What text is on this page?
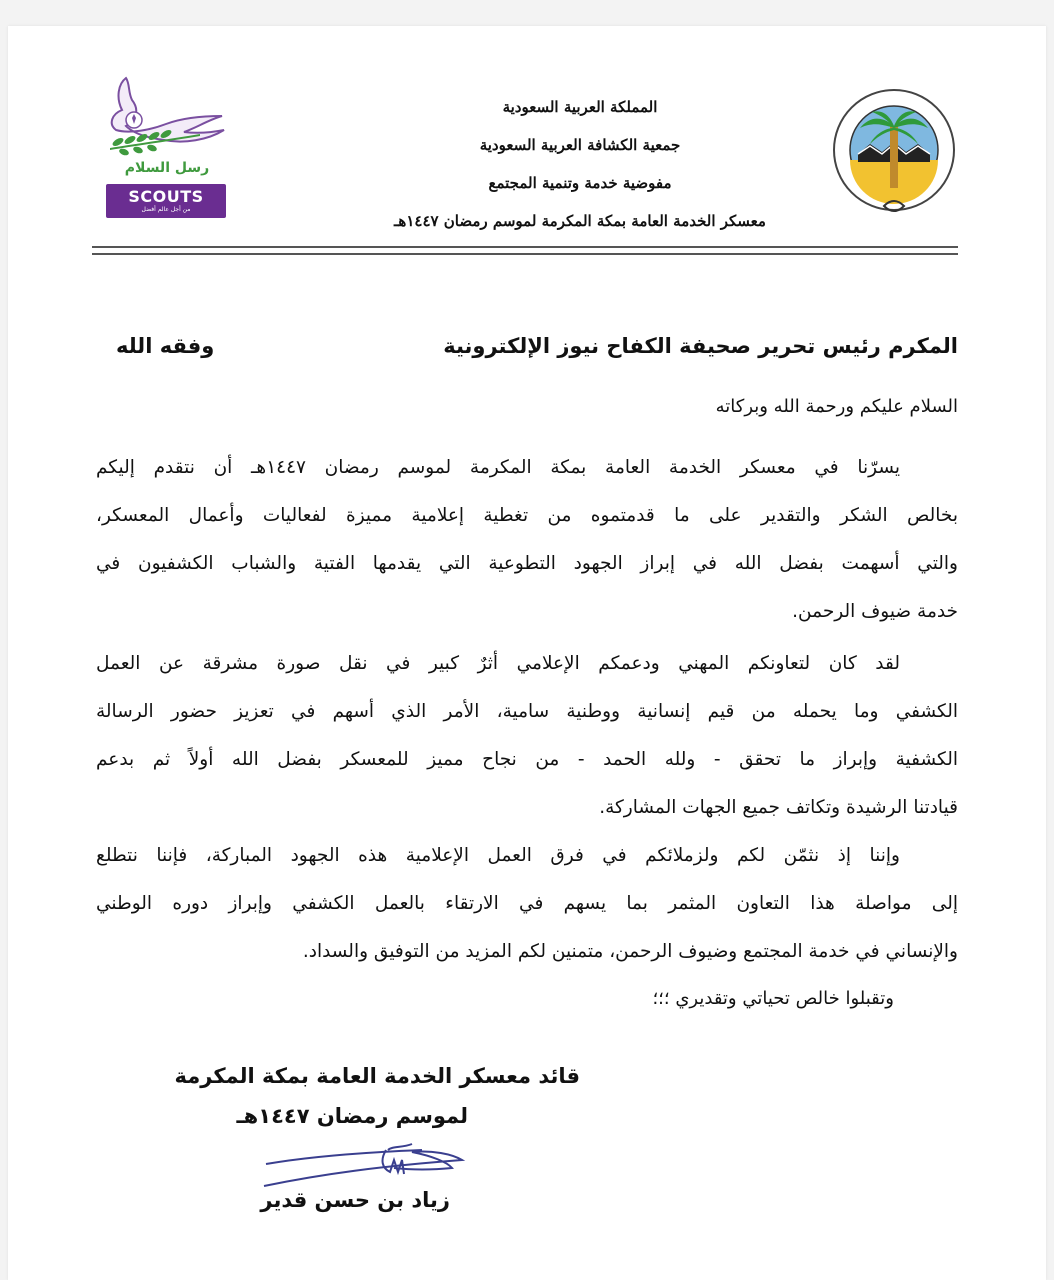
رسل السلام
SCOUTS
من أجل عالم أفضل
المملكة العربية السعودية
جمعية الكشافة العربية السعودية
مفوضية خدمة وتنمية المجتمع
معسكر الخدمة العامة بمكة المكرمة لموسم رمضان ١٤٤٧هـ
المكرم رئيس تحرير صحيفة الكفاح نيوز الإلكترونية
وفقه الله
السلام عليكم ورحمة الله وبركاته
يسرّنا في معسكر الخدمة العامة بمكة المكرمة لموسم رمضان ١٤٤٧هـ أن نتقدم إليكم
بخالص الشكر والتقدير على ما قدمتموه من تغطية إعلامية مميزة لفعاليات وأعمال المعسكر،
والتي أسهمت بفضل الله في إبراز الجهود التطوعية التي يقدمها الفتية والشباب الكشفيون في
خدمة ضيوف الرحمن.
لقد كان لتعاونكم المهني ودعمكم الإعلامي أثرٌ كبير في نقل صورة مشرقة عن العمل
الكشفي وما يحمله من قيم إنسانية ووطنية سامية، الأمر الذي أسهم في تعزيز حضور الرسالة
الكشفية وإبراز ما تحقق - ولله الحمد - من نجاح مميز للمعسكر بفضل الله أولاً ثم بدعم
قيادتنا الرشيدة وتكاتف جميع الجهات المشاركة.
وإننا إذ نثمّن لكم ولزملائكم في فرق العمل الإعلامية هذه الجهود المباركة، فإننا نتطلع
إلى مواصلة هذا التعاون المثمر بما يسهم في الارتقاء بالعمل الكشفي وإبراز دوره الوطني
والإنساني في خدمة المجتمع وضيوف الرحمن، متمنين لكم المزيد من التوفيق والسداد.
وتقبلوا خالص تحياتي وتقديري ؛؛؛
قائد معسكر الخدمة العامة بمكة المكرمة
لموسم رمضان ١٤٤٧هـ
زياد بن حسن قدير
